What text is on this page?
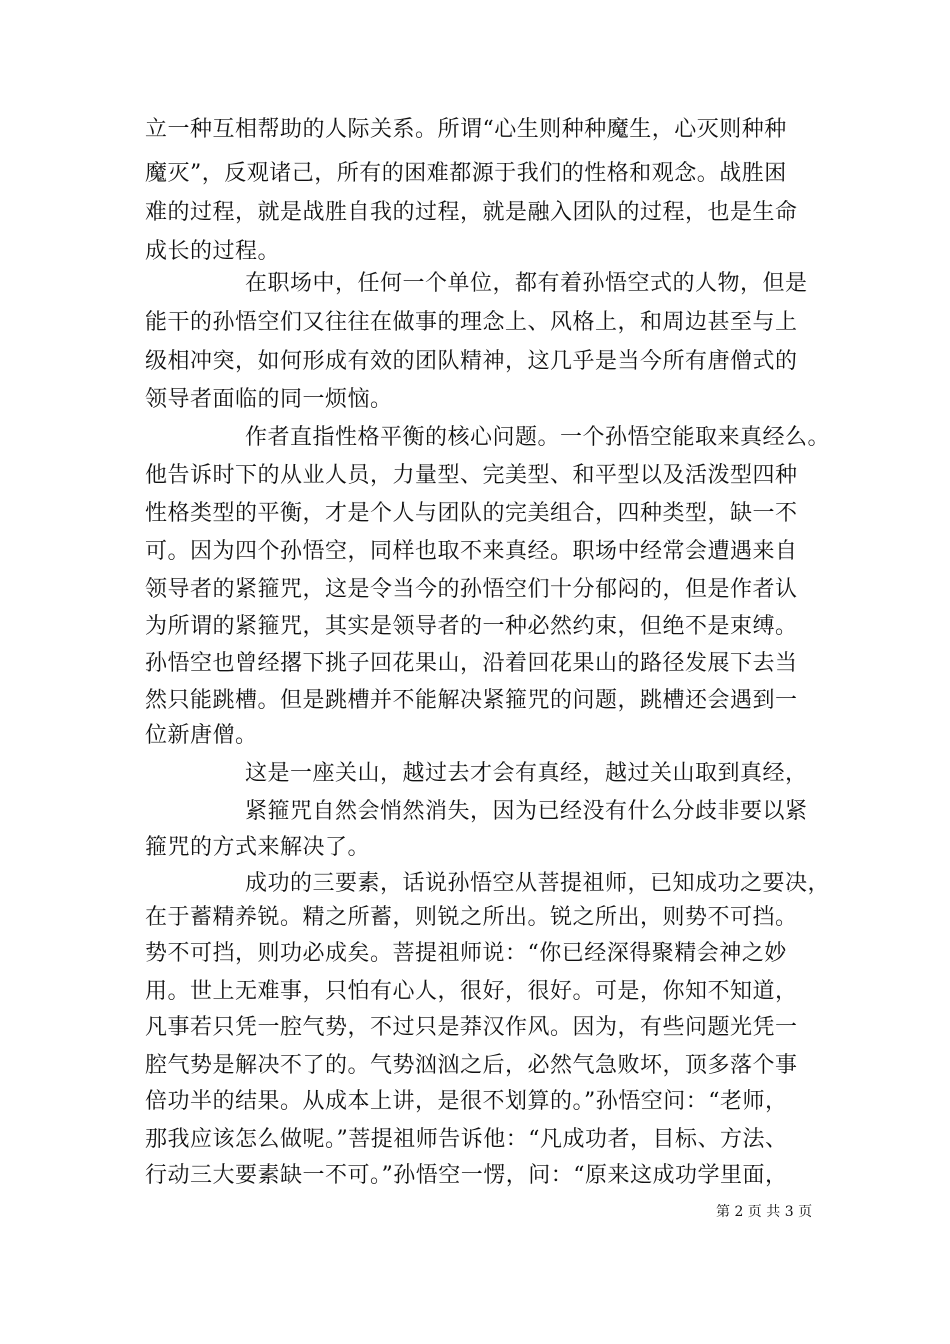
立一种互相帮助的人际关系。所谓“心生则种种魔生，心灭则种种
魔灭”，反观诸己，所有的困难都源于我们的性格和观念。战胜困
难的过程，就是战胜自我的过程，就是融入团队的过程，也是生命
成长的过程。
在职场中，任何一个单位，都有着孙悟空式的人物，但是
能干的孙悟空们又往往在做事的理念上、风格上，和周边甚至与上
级相冲突，如何形成有效的团队精神，这几乎是当今所有唐僧式的
领导者面临的同一烦恼。
作者直指性格平衡的核心问题。一个孙悟空能取来真经么。
他告诉时下的从业人员，力量型、完美型、和平型以及活泼型四种
性格类型的平衡，才是个人与团队的完美组合，四种类型，缺一不
可。因为四个孙悟空，同样也取不来真经。职场中经常会遭遇来自
领导者的紧箍咒，这是令当今的孙悟空们十分郁闷的，但是作者认
为所谓的紧箍咒，其实是领导者的一种必然约束，但绝不是束缚。
孙悟空也曾经撂下挑子回花果山，沿着回花果山的路径发展下去当
然只能跳槽。但是跳槽并不能解决紧箍咒的问题，跳槽还会遇到一
位新唐僧。
这是一座关山，越过去才会有真经，越过关山取到真经，
紧箍咒自然会悄然消失，因为已经没有什么分歧非要以紧
箍咒的方式来解决了。
成功的三要素，话说孙悟空从菩提祖师，已知成功之要决，
在于蓄精养锐。精之所蓄，则锐之所出。锐之所出，则势不可挡。
势不可挡，则功必成矣。菩提祖师说：“你已经深得聚精会神之妙
用。世上无难事，只怕有心人，很好，很好。可是，你知不知道，
凡事若只凭一腔气势，不过只是莽汉作风。因为，有些问题光凭一
腔气势是解决不了的。气势汹汹之后，必然气急败坏，顶多落个事
倍功半的结果。从成本上讲，是很不划算的。”孙悟空问：“老师，
那我应该怎么做呢。”菩提祖师告诉他：“凡成功者，目标、方法、
行动三大要素缺一不可。”孙悟空一愣，问：“原来这成功学里面，
第 2 页 共 3 页
